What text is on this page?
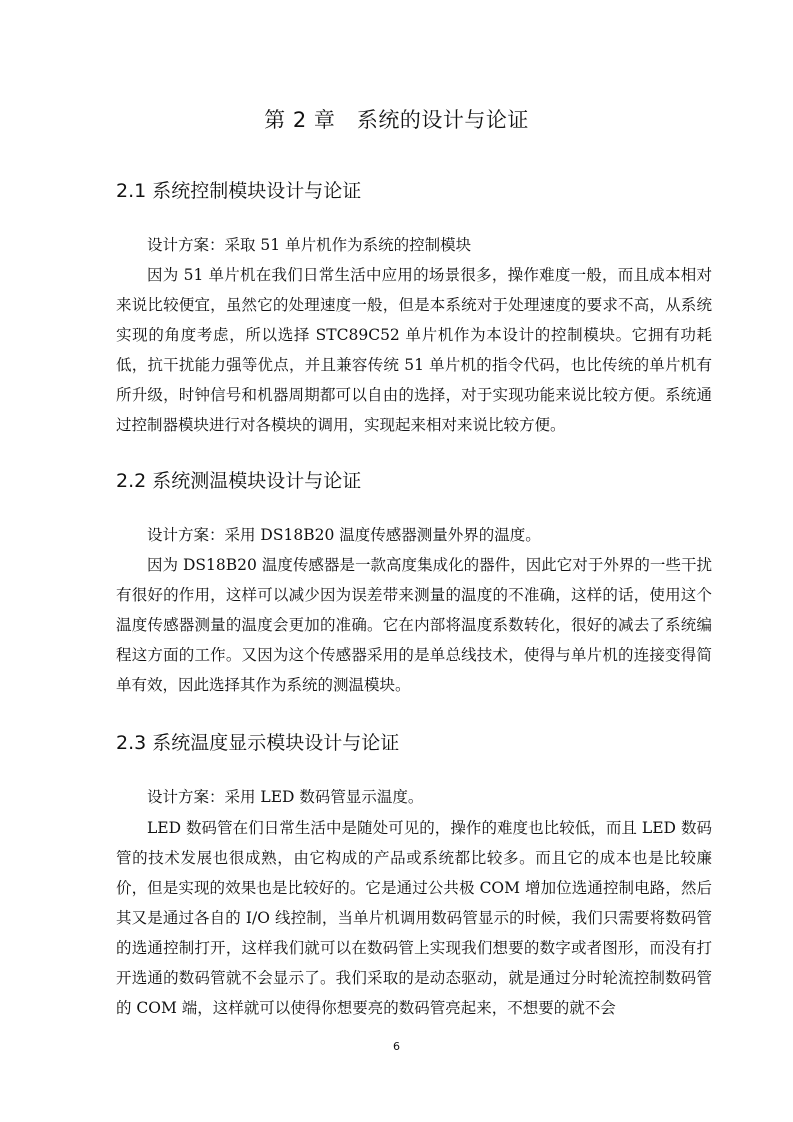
第 2 章　系统的设计与论证
2.1 系统控制模块设计与论证

设计方案：采取 51 单片机作为系统的控制模块

因为 51 单片机在我们日常生活中应用的场景很多，操作难度一般，而且成本相对来说比较便宜，虽然它的处理速度一般，但是本系统对于处理速度的要求不高，从系统实现的角度考虑，所以选择 STC89C52 单片机作为本设计的控制模块。它拥有功耗低，抗干扰能力强等优点，并且兼容传统 51 单片机的指令代码，也比传统的单片机有所升级，时钟信号和机器周期都可以自由的选择，对于实现功能来说比较方便。系统通过控制器模块进行对各模块的调用，实现起来相对来说比较方便。

2.2 系统测温模块设计与论证

设计方案：采用 DS18B20 温度传感器测量外界的温度。

因为 DS18B20 温度传感器是一款高度集成化的器件，因此它对于外界的一些干扰有很好的作用，这样可以减少因为误差带来测量的温度的不准确，这样的话，使用这个温度传感器测量的温度会更加的准确。它在内部将温度系数转化，很好的减去了系统编程这方面的工作。又因为这个传感器采用的是单总线技术，使得与单片机的连接变得简单有效，因此选择其作为系统的测温模块。

2.3 系统温度显示模块设计与论证

设计方案：采用 LED 数码管显示温度。

LED 数码管在们日常生活中是随处可见的，操作的难度也比较低，而且 LED 数码管的技术发展也很成熟，由它构成的产品或系统都比较多。而且它的成本也是比较廉价，但是实现的效果也是比较好的。它是通过公共极 COM 增加位选通控制电路，然后其又是通过各自的 I/O 线控制，当单片机调用数码管显示的时候，我们只需要将数码管的选通控制打开，这样我们就可以在数码管上实现我们想要的数字或者图形，而没有打开选通的数码管就不会显示了。我们采取的是动态驱动，就是通过分时轮流控制数码管的 COM 端，这样就可以使得你想要亮的数码管亮起来，不想要的就不会

6
